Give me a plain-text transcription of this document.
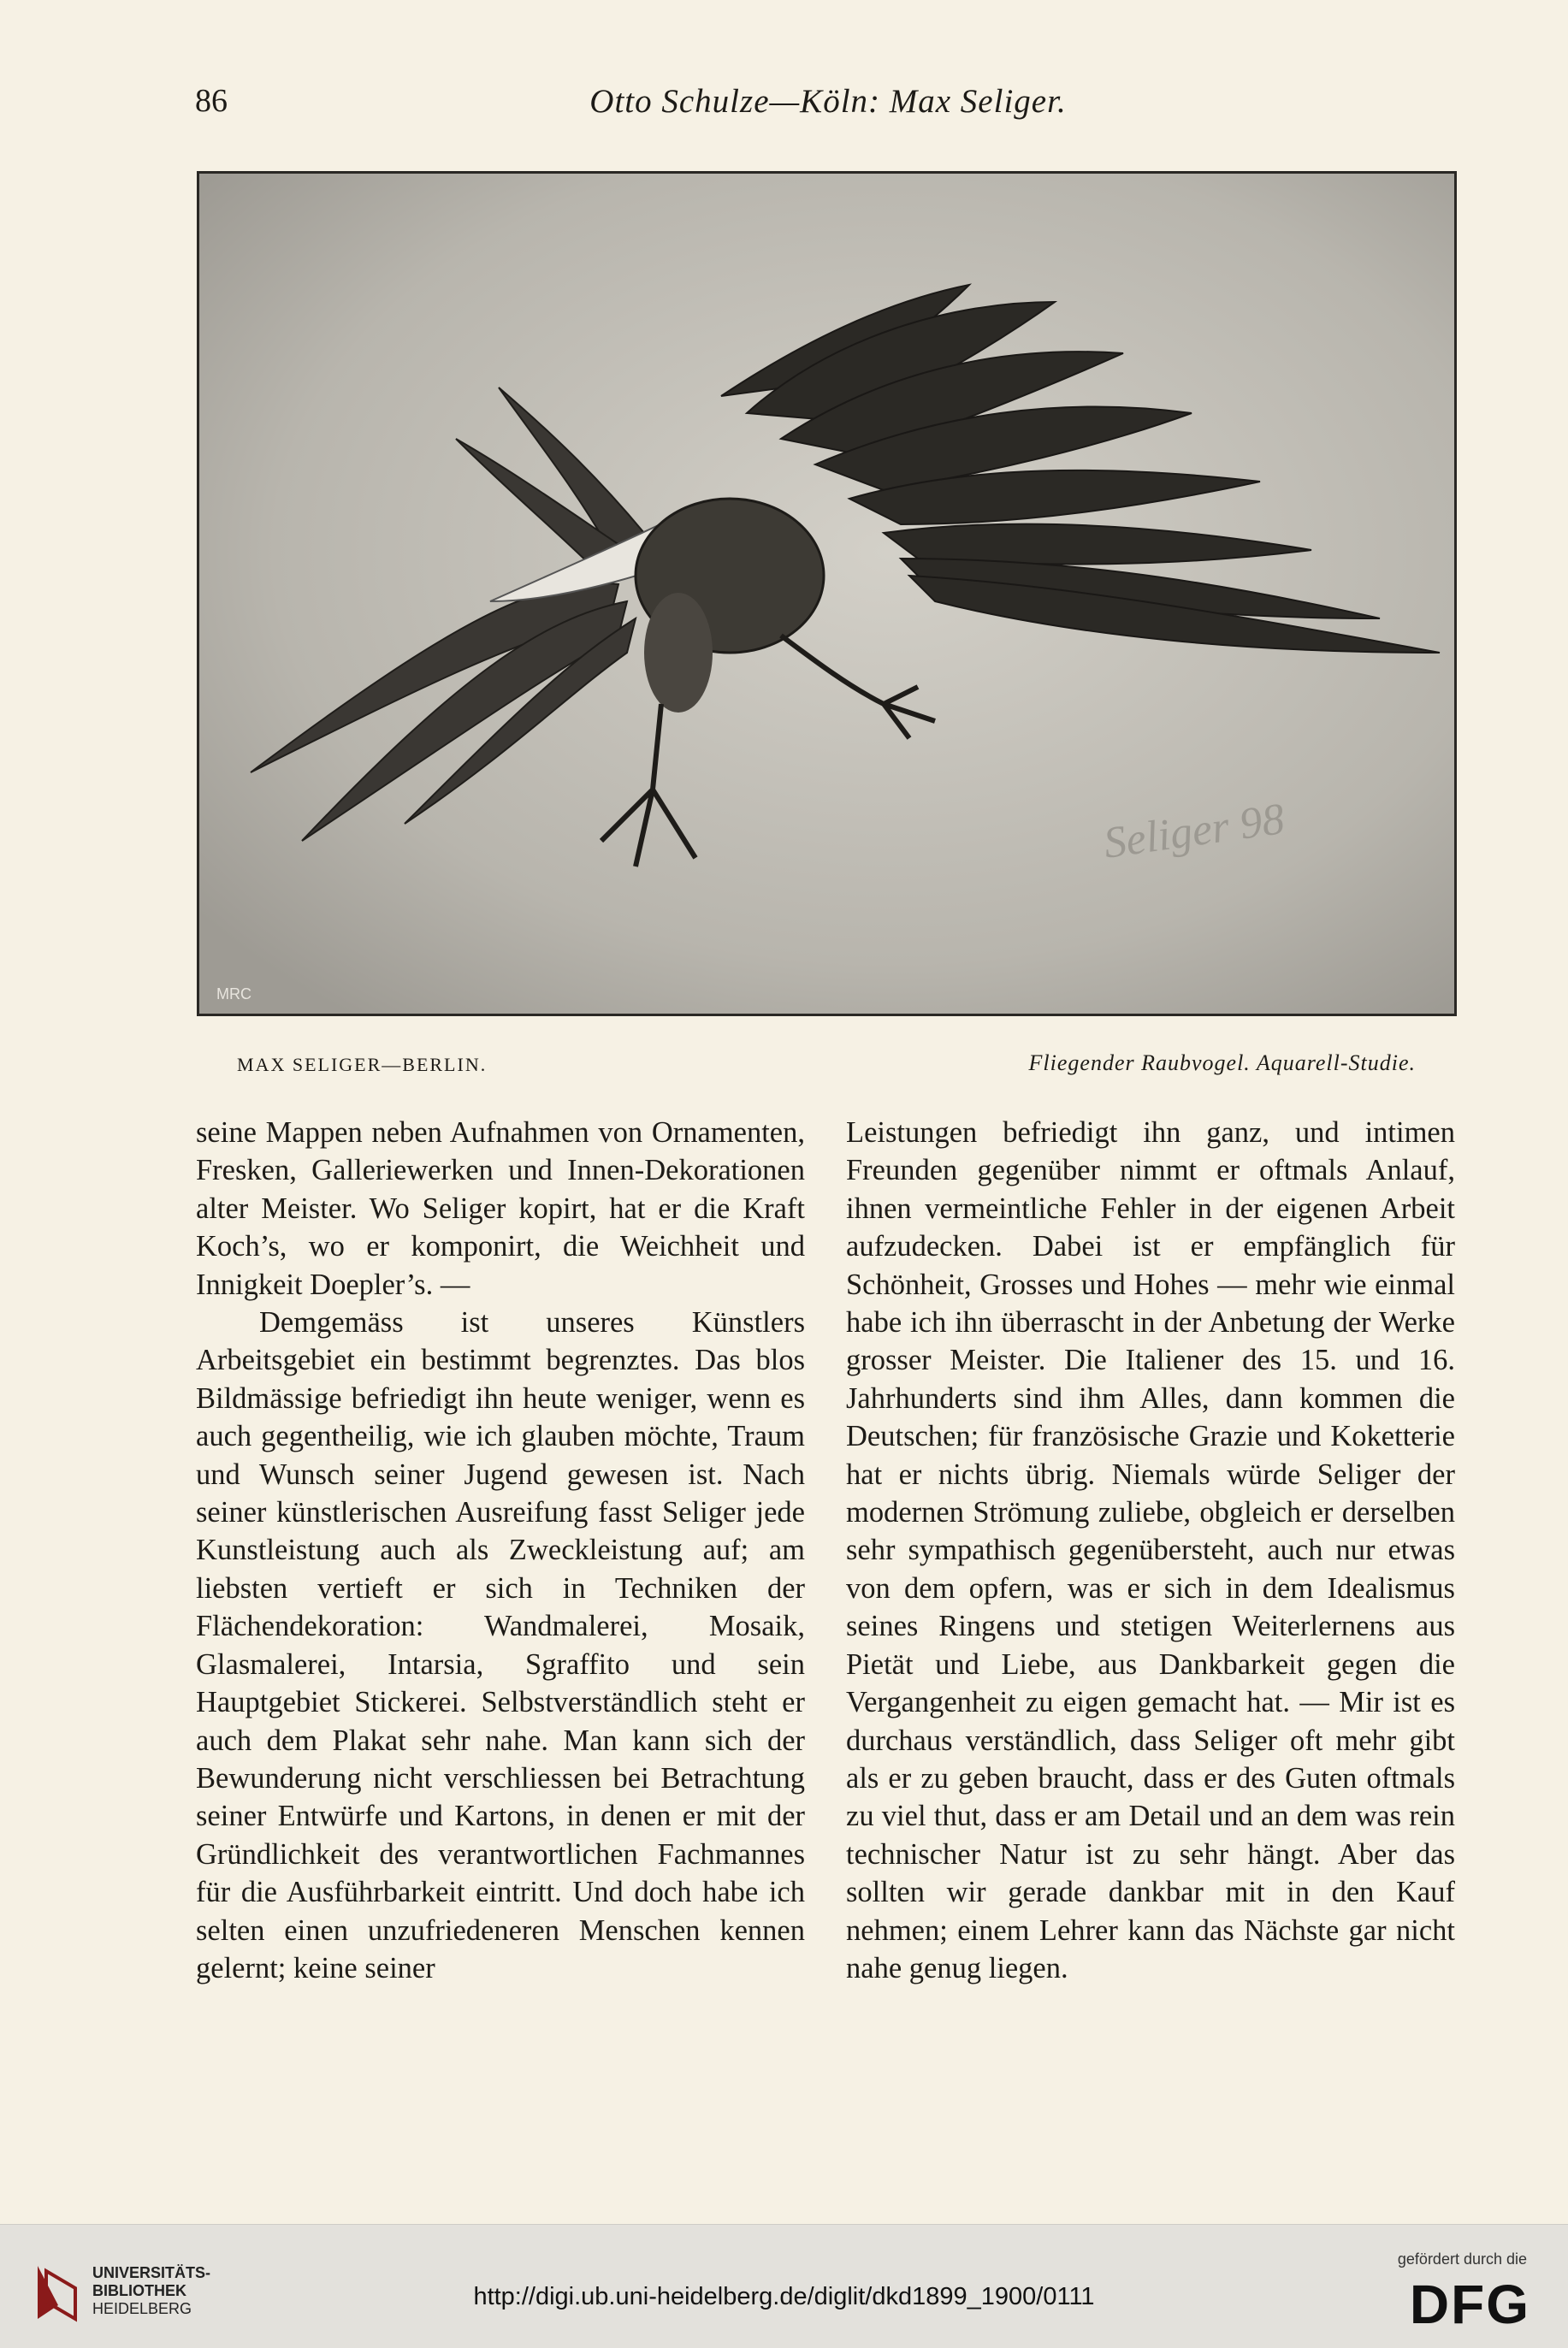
86	Otto Schulze—Köln: Max Seliger.
MRC
Seliger 98
MAX SELIGER—BERLIN.	Fliegender Raubvogel. Aquarell-Studie.

seine Mappen neben Aufnahmen von Ornamenten, Fresken, Galleriewerken und Innen-Dekorationen alter Meister. Wo Seliger kopirt, hat er die Kraft Koch’s, wo er komponirt, die Weichheit und Innigkeit Doepler’s. —

Demgemäss ist unseres Künstlers Arbeitsgebiet ein bestimmt begrenztes. Das blos Bildmässige befriedigt ihn heute weniger, wenn es auch gegentheilig, wie ich glauben möchte, Traum und Wunsch seiner Jugend gewesen ist. Nach seiner künstlerischen Ausreifung fasst Seliger jede Kunstleistung auch als Zweckleistung auf; am liebsten vertieft er sich in Techniken der Flächendekoration: Wandmalerei, Mosaik, Glasmalerei, Intarsia, Sgraffito und sein Hauptgebiet Stickerei. Selbstverständlich steht er auch dem Plakat sehr nahe. Man kann sich der Bewunderung nicht verschliessen bei Betrachtung seiner Entwürfe und Kartons, in denen er mit der Gründlichkeit des verantwortlichen Fachmannes für die Ausführbarkeit eintritt. Und doch habe ich selten einen unzufriedeneren Menschen kennen gelernt; keine seiner

Leistungen befriedigt ihn ganz, und intimen Freunden gegenüber nimmt er oftmals Anlauf, ihnen vermeintliche Fehler in der eigenen Arbeit aufzudecken. Dabei ist er empfänglich für Schönheit, Grosses und Hohes — mehr wie einmal habe ich ihn überrascht in der Anbetung der Werke grosser Meister. Die Italiener des 15. und 16. Jahrhunderts sind ihm Alles, dann kommen die Deutschen; für französische Grazie und Koketterie hat er nichts übrig. Niemals würde Seliger der modernen Strömung zuliebe, obgleich er derselben sehr sympathisch gegenübersteht, auch nur etwas von dem opfern, was er sich in dem Idealismus seines Ringens und stetigen Weiterlernens aus Pietät und Liebe, aus Dankbarkeit gegen die Vergangenheit zu eigen gemacht hat. — Mir ist es durchaus verständlich, dass Seliger oft mehr gibt als er zu geben braucht, dass er des Guten oftmals zu viel thut, dass er am Detail und an dem was rein technischer Natur ist zu sehr hängt. Aber das sollten wir gerade dankbar mit in den Kauf nehmen; einem Lehrer kann das Nächste gar nicht nahe genug liegen.

UNIVERSITÄTS-
BIBLIOTHEK
HEIDELBERG	http://digi.ub.uni-heidelberg.de/diglit/dkd1899_1900/0111
gefördert durch die
DFG
